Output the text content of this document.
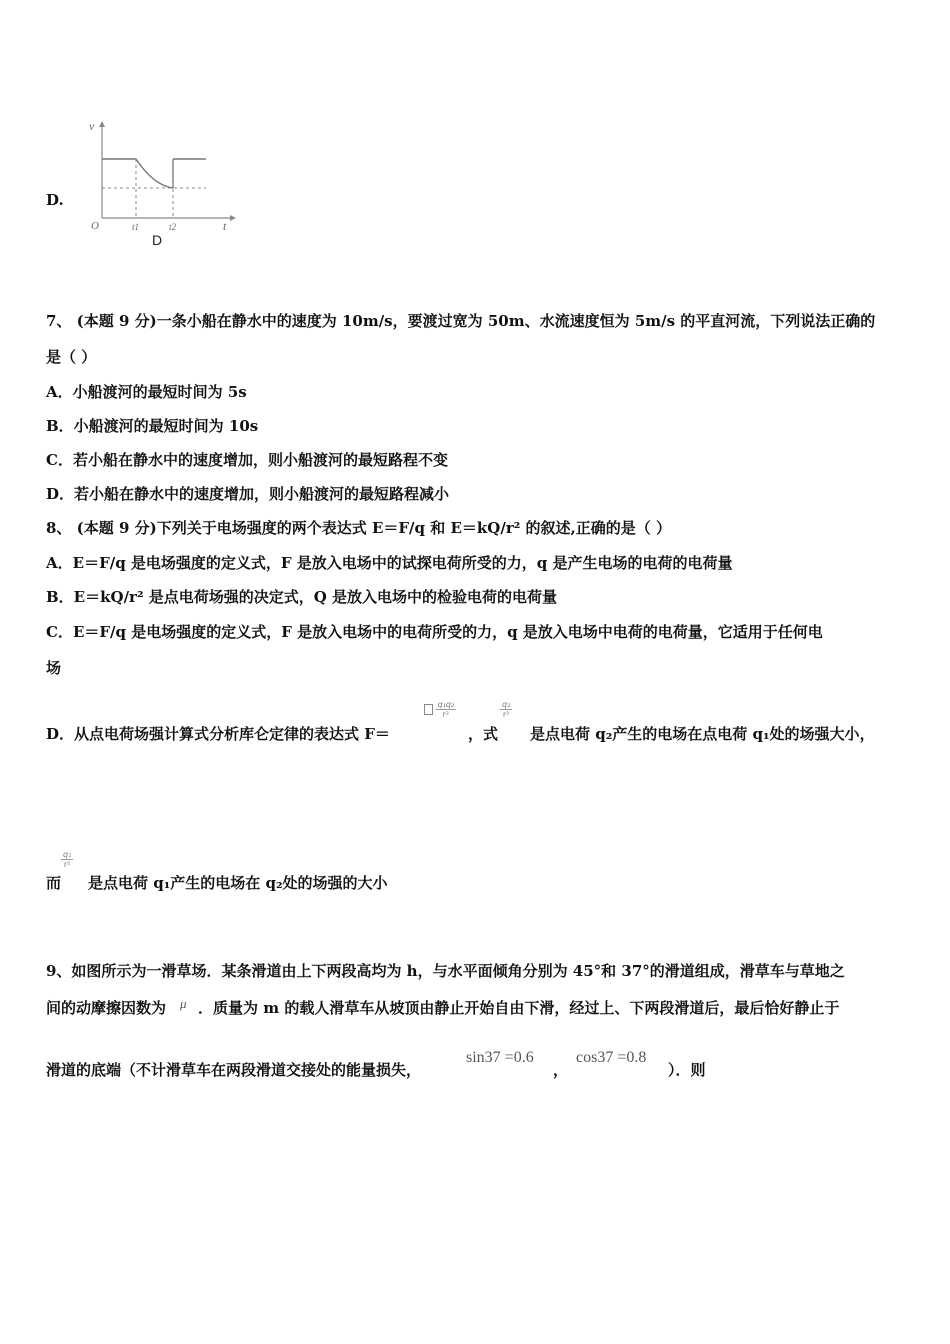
D.
v
t
O	t1	t2
D
7、 (本题 9 分)一条小船在静水中的速度为 10m/s，要渡过宽为 50m、水流速度恒为 5m/s 的平直河流，下列说法正确的
是（ ）
A．小船渡河的最短时间为 5s
B．小船渡河的最短时间为 10s
C．若小船在静水中的速度增加，则小船渡河的最短路程不变
D．若小船在静水中的速度增加，则小船渡河的最短路程减小
8、 (本题 9 分)下列关于电场强度的两个表达式 E＝F/q 和 E＝kQ/r² 的叙述,正确的是（ ）
A．E＝F/q 是电场强度的定义式，F 是放入电场中的试探电荷所受的力，q 是产生电场的电荷的电荷量
B．E＝kQ/r² 是点电荷场强的决定式，Q 是放入电场中的检验电荷的电荷量
C．E＝F/q 是电场强度的定义式，F 是放入电场中的电荷所受的力，q 是放入电场中电荷的电荷量，它适用于任何电
场
D．从点电荷场强计算式分析库仑定律的表达式 F＝

$\frac{\text{q₁q₂}}{\text{r²}}$
，式
$\frac{\text{q₂}}{\text{r²}}$
是点电荷 q₂产生的电场在点电荷 q₁处的场强大小，
而
$\frac{\text{q₁}}{\text{r²}}$
是点电荷 q₁产生的电场在 q₂处的场强的大小
9、如图所示为一滑草场．某条滑道由上下两段高均为 h，与水平面倾角分别为 45°和 37°的滑道组成，滑草车与草地之
间的动摩擦因数为 μ ．质量为 m 的载人滑草车从坡顶由静止开始自由下滑，经过上、下两段滑道后，最后恰好静止于
滑道的底端（不计滑草车在两段滑道交接处的能量损失，
sin37 =0.6
，
cos37 =0.8
）．则
